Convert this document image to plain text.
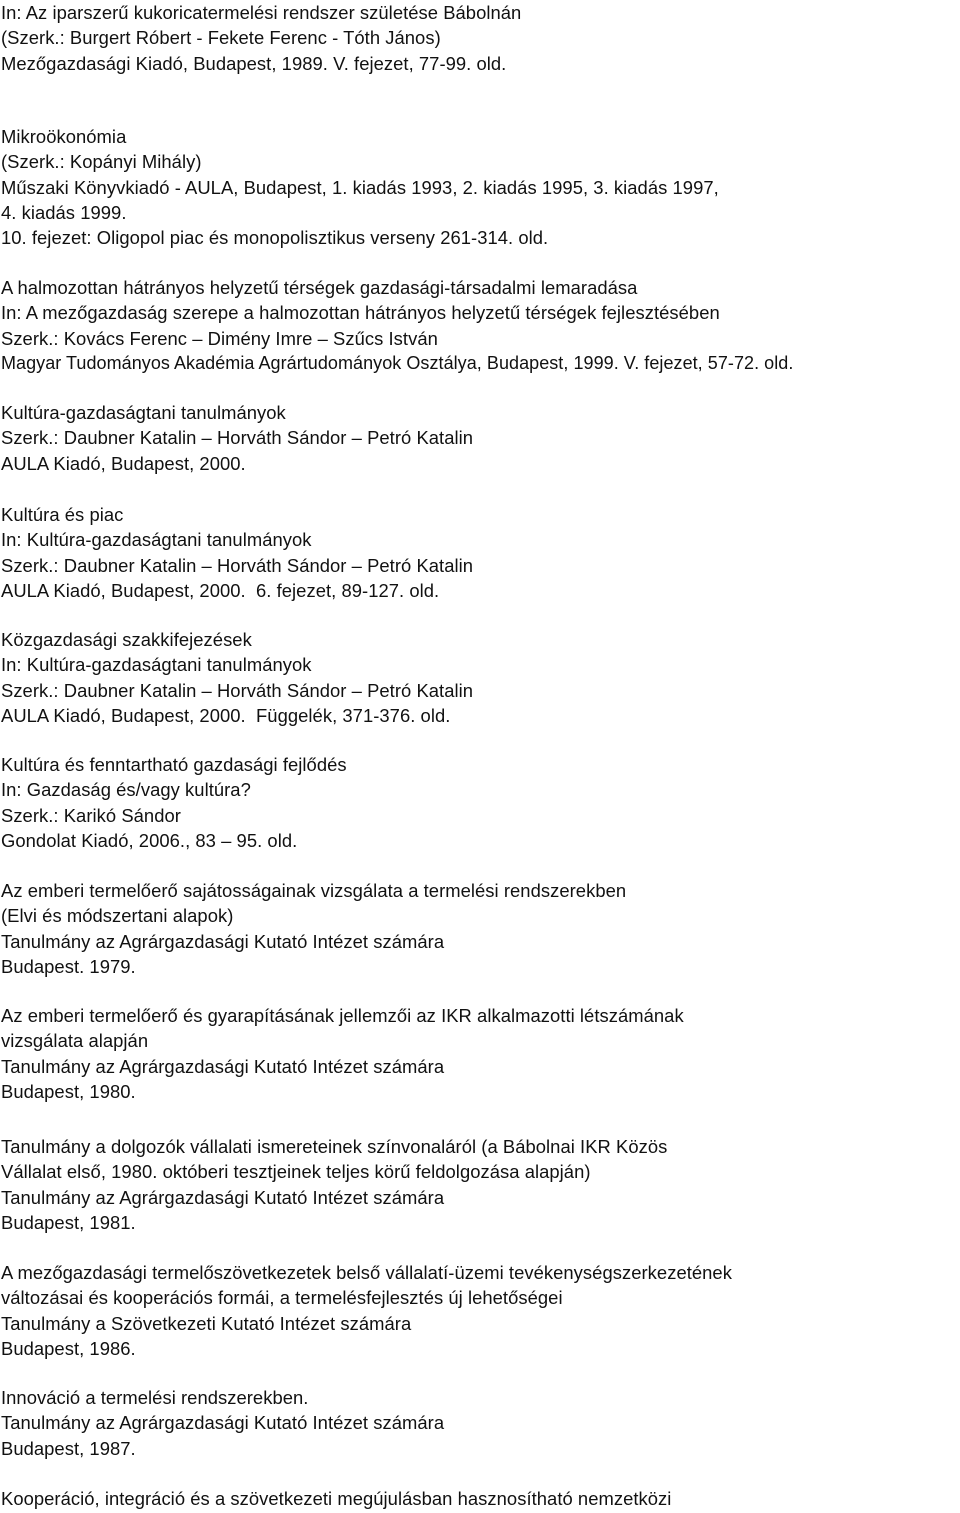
In: Az iparszerű kukoricatermelési rendszer születése Bábolnán
(Szerk.: Burgert Róbert - Fekete Ferenc - Tóth János)
Mezőgazdasági Kiadó, Budapest, 1989. V. fejezet, 77-99. old.
Mikroökonómia
(Szerk.: Kopányi Mihály)
Műszaki Könyvkiadó - AULA, Budapest, 1. kiadás 1993, 2. kiadás 1995, 3. kiadás 1997,
4. kiadás 1999.
10. fejezet: Oligopol piac és monopolisztikus verseny 261-314. old.
A halmozottan hátrányos helyzetű térségek gazdasági-társadalmi lemaradása
In: A mezőgazdaság szerepe a halmozottan hátrányos helyzetű térségek fejlesztésében
Szerk.: Kovács Ferenc – Dimény Imre – Szűcs István
Magyar Tudományos Akadémia Agrártudományok Osztálya, Budapest, 1999. V. fejezet, 57-72. old.
Kultúra-gazdaságtani tanulmányok
Szerk.: Daubner Katalin – Horváth Sándor – Petró Katalin
AULA Kiadó, Budapest, 2000.
Kultúra és piac
In: Kultúra-gazdaságtani tanulmányok
Szerk.: Daubner Katalin – Horváth Sándor – Petró Katalin
AULA Kiadó, Budapest, 2000.  6. fejezet, 89-127. old.
Közgazdasági szakkifejezések
In: Kultúra-gazdaságtani tanulmányok
Szerk.: Daubner Katalin – Horváth Sándor – Petró Katalin
AULA Kiadó, Budapest, 2000.  Függelék, 371-376. old.
Kultúra és fenntartható gazdasági fejlődés
In: Gazdaság és/vagy kultúra?
Szerk.: Karikó Sándor
Gondolat Kiadó, 2006., 83 – 95. old.
Az emberi termelőerő sajátosságainak vizsgálata a termelési rendszerekben
(Elvi és módszertani alapok)
Tanulmány az Agrárgazdasági Kutató Intézet számára
Budapest. 1979.
Az emberi termelőerő és gyarapításának jellemzői az IKR alkalmazotti létszámának
vizsgálata alapján
Tanulmány az Agrárgazdasági Kutató Intézet számára
Budapest, 1980.
Tanulmány a dolgozók vállalati ismereteinek színvonaláról (a Bábolnai IKR Közös
Vállalat első, 1980. októberi tesztjeinek teljes körű feldolgozása alapján)
Tanulmány az Agrárgazdasági Kutató Intézet számára
Budapest, 1981.
A mezőgazdasági termelőszövetkezetek belső vállalatí-üzemi tevékenységszerkezetének
változásai és kooperációs formái, a termelésfejlesztés új lehetőségei
Tanulmány a Szövetkezeti Kutató Intézet számára
Budapest, 1986.
Innováció a termelési rendszerekben.
Tanulmány az Agrárgazdasági Kutató Intézet számára
Budapest, 1987.
Kooperáció, integráció és a szövetkezeti megújulásban hasznosítható nemzetközi
